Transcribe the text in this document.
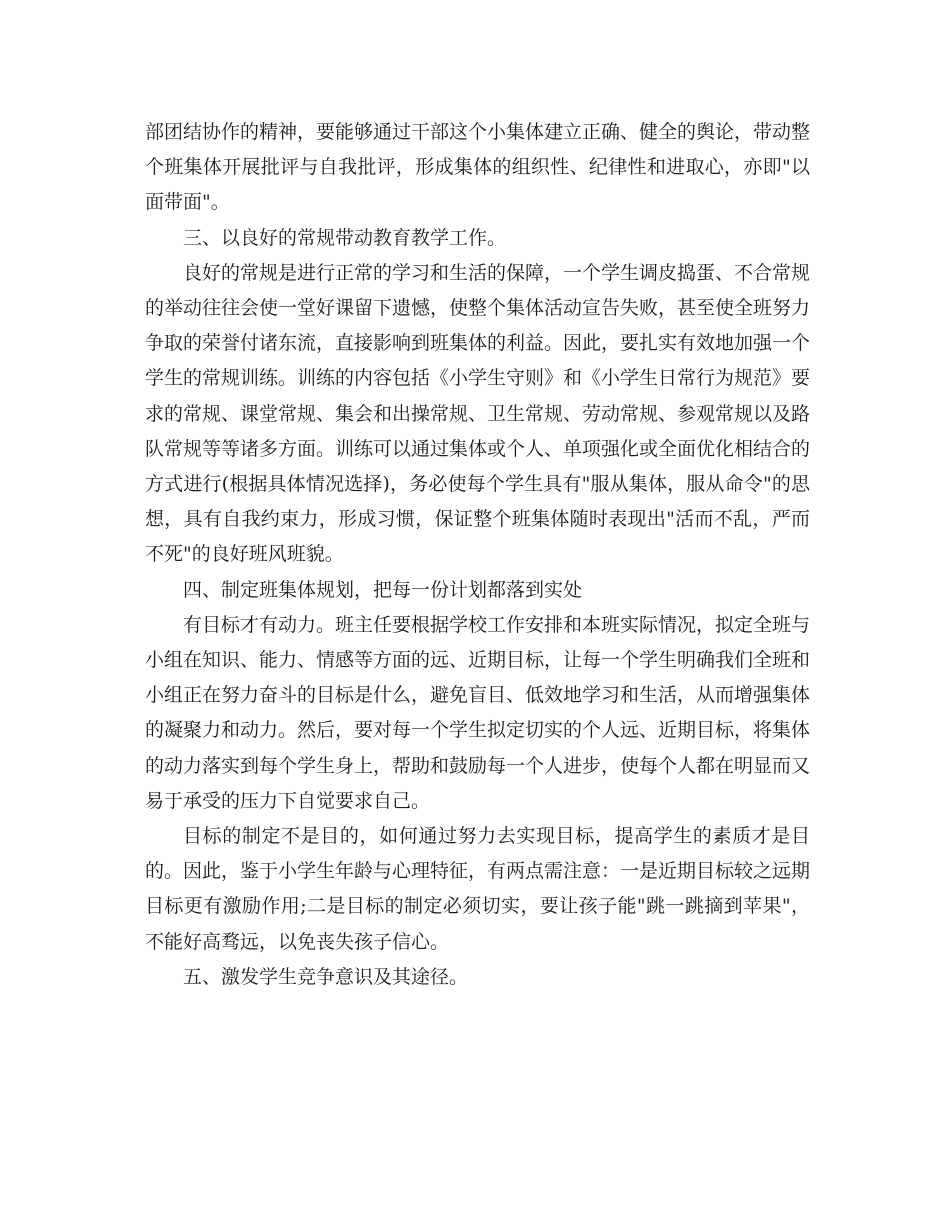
部团结协作的精神，要能够通过干部这个小集体建立正确、健全的舆论，带动整个班集体开展批评与自我批评，形成集体的组织性、纪律性和进取心，亦即"以面带面"。

三、以良好的常规带动教育教学工作。

良好的常规是进行正常的学习和生活的保障，一个学生调皮捣蛋、不合常规的举动往往会使一堂好课留下遗憾，使整个集体活动宣告失败，甚至使全班努力争取的荣誉付诸东流，直接影响到班集体的利益。因此，要扎实有效地加强一个学生的常规训练。训练的内容包括《小学生守则》和《小学生日常行为规范》要求的常规、课堂常规、集会和出操常规、卫生常规、劳动常规、参观常规以及路队常规等等诸多方面。训练可以通过集体或个人、单项强化或全面优化相结合的方式进行(根据具体情况选择)，务必使每个学生具有"服从集体，服从命令"的思想，具有自我约束力，形成习惯，保证整个班集体随时表现出"活而不乱，严而不死"的良好班风班貌。

四、制定班集体规划，把每一份计划都落到实处

有目标才有动力。班主任要根据学校工作安排和本班实际情况，拟定全班与小组在知识、能力、情感等方面的远、近期目标，让每一个学生明确我们全班和小组正在努力奋斗的目标是什么，避免盲目、低效地学习和生活，从而增强集体的凝聚力和动力。然后，要对每一个学生拟定切实的个人远、近期目标，将集体的动力落实到每个学生身上，帮助和鼓励每一个人进步，使每个人都在明显而又易于承受的压力下自觉要求自己。

目标的制定不是目的，如何通过努力去实现目标，提高学生的素质才是目的。因此，鉴于小学生年龄与心理特征，有两点需注意：一是近期目标较之远期目标更有激励作用;二是目标的制定必须切实，要让孩子能"跳一跳摘到苹果"，不能好高骛远，以免丧失孩子信心。

五、激发学生竞争意识及其途径。
